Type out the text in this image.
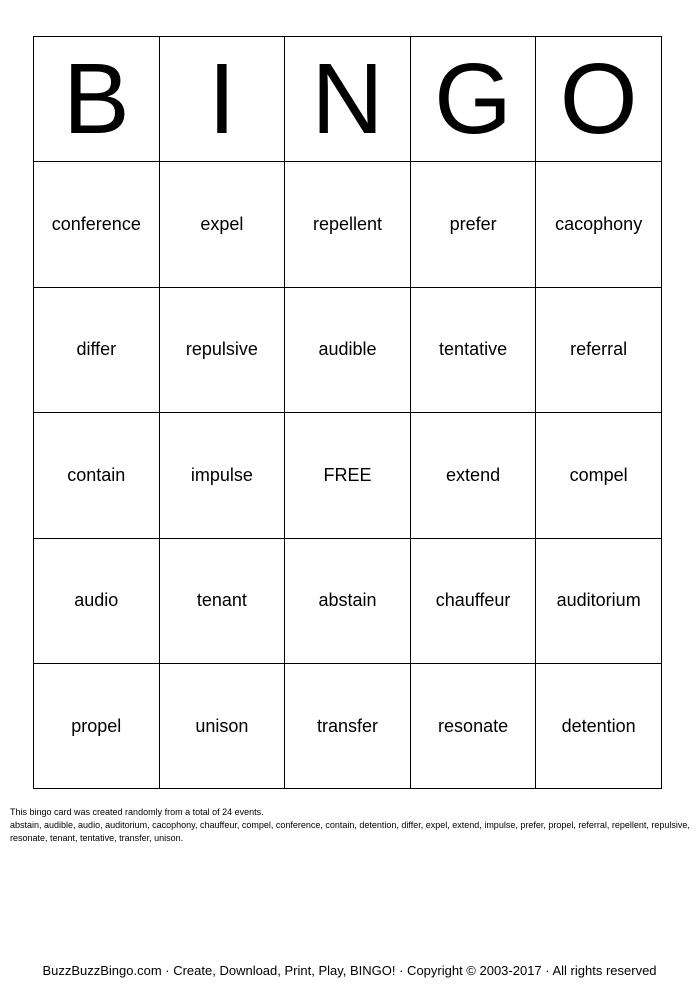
B	I	N	G	O
conference	expel	repellent	prefer	cacophony
differ	repulsive	audible	tentative	referral
contain	impulse	FREE	extend	compel
audio	tenant	abstain	chauffeur	auditorium
propel	unison	transfer	resonate	detention
This bingo card was created randomly from a total of 24 events.
abstain, audible, audio, auditorium, cacophony, chauffeur, compel, conference, contain, detention, differ, expel, extend, impulse, prefer, propel, referral, repellent, repulsive, resonate, tenant, tentative, transfer, unison.
BuzzBuzzBingo.com · Create, Download, Print, Play, BINGO! · Copyright © 2003-2017 · All rights reserved
